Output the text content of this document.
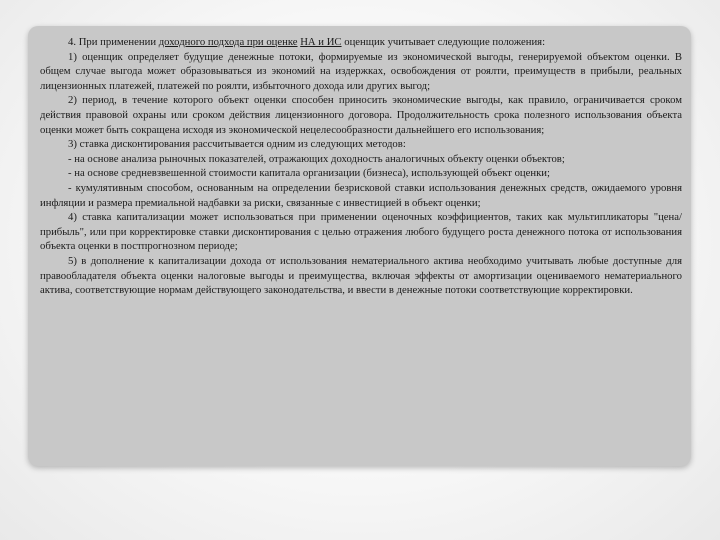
4. При применении доходного подхода при оценке НА и ИС оценщик учитывает следующие положения:

1) оценщик определяет будущие денежные потоки, формируемые из экономической выгоды, генерируемой объектом оценки. В общем случае выгода может образовываться из экономий на издержках, освобождения от роялти, преимуществ в прибыли, реальных лицензионных платежей, платежей по роялти, избыточного дохода или других выгод;

2) период, в течение которого объект оценки способен приносить экономические выгоды, как правило, ограничивается сроком действия правовой охраны или сроком действия лицензионного договора. Продолжительность срока полезного использования объекта оценки может быть сокращена исходя из экономической нецелесообразности дальнейшего его использования;

3) ставка дисконтирования рассчитывается одним из следующих методов:

- на основе анализа рыночных показателей, отражающих доходность аналогичных объекту оценки объектов;

- на основе средневзвешенной стоимости капитала организации (бизнеса), использующей объект оценки;

- кумулятивным способом, основанным на определении безрисковой ставки использования денежных средств, ожидаемого уровня инфляции и размера премиальной надбавки за риски, связанные с инвестицией в объект оценки;

4) ставка капитализации может использоваться при применении оценочных коэффициентов, таких как мультипликаторы "цена/прибыль", или при корректировке ставки дисконтирования с целью отражения любого будущего роста денежного потока от использования объекта оценки в постпрогнозном периоде;

5) в дополнение к капитализации дохода от использования нематериального актива необходимо учитывать любые доступные для правообладателя объекта оценки налоговые выгоды и преимущества, включая эффекты от амортизации оцениваемого нематериального актива, соответствующие нормам действующего законодательства, и ввести в денежные потоки соответствующие корректировки.
